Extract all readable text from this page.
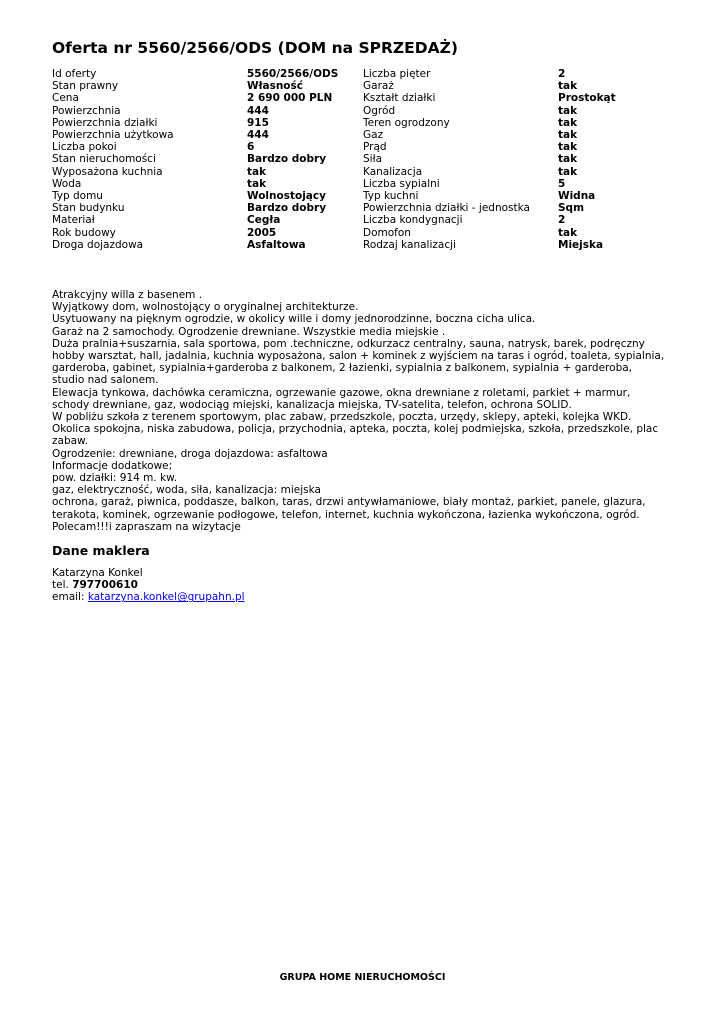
Oferta nr 5560/2566/ODS (DOM na SPRZEDAŻ)
Id oferty	5560/2566/ODS	Liczba pięter	2
Stan prawny	Własność	Garaż	tak
Cena	2 690 000 PLN	Kształt działki	Prostokąt
Powierzchnia	444	Ogród	tak
Powierzchnia działki	915	Teren ogrodzony	tak
Powierzchnia użytkowa	444	Gaz	tak
Liczba pokoi	6	Prąd	tak
Stan nieruchomości	Bardzo dobry	Siła	tak
Wyposażona kuchnia	tak	Kanalizacja	tak
Woda	tak	Liczba sypialni	5
Typ domu	Wolnostojący	Typ kuchni	Widna
Stan budynku	Bardzo dobry	Powierzchnia działki - jednostka	Sqm
Materiał	Cegła	Liczba kondygnacji	2
Rok budowy	2005	Domofon	tak
Droga dojazdowa	Asfaltowa	Rodzaj kanalizacji	Miejska
Atrakcyjny willa z basenem .
Wyjątkowy dom, wolnostojący o oryginalnej architekturze.
Usytuowany na pięknym ogrodzie, w okolicy wille i domy jednorodzinne, boczna cicha ulica.
Garaż na 2 samochody. Ogrodzenie drewniane. Wszystkie media miejskie .
Duża pralnia+suszarnia, sala sportowa, pom .techniczne, odkurzacz centralny, sauna, natrysk, barek, podręczny hobby warsztat, hall, jadalnia, kuchnia wyposażona, salon + kominek z wyjściem na taras i ogród, toaleta, sypialnia, garderoba, gabinet, sypialnia+garderoba z balkonem, 2 łazienki, sypialnia z balkonem, sypialnia + garderoba, studio nad salonem.
Elewacja tynkowa, dachówka ceramiczna, ogrzewanie gazowe, okna drewniane z roletami, parkiet + marmur, schody drewniane, gaz, wodociąg miejski, kanalizacja miejska, TV-satelita, telefon, ochrona SOLID.
W pobliżu szkoła z terenem sportowym, plac zabaw, przedszkole, poczta, urzędy, sklepy, apteki, kolejka WKD.
Okolica spokojna, niska zabudowa, policja, przychodnia, apteka, poczta, kolej podmiejska, szkoła, przedszkole, plac zabaw.
Ogrodzenie: drewniane, droga dojazdowa: asfaltowa
Informacje dodatkowe;
pow. działki: 914 m. kw.
gaz, elektryczność, woda, siła, kanalizacja: miejska
ochrona, garaż, piwnica, poddasze, balkon, taras, drzwi antywłamaniowe, biały montaż, parkiet, panele, glazura, terakota, kominek, ogrzewanie podłogowe, telefon, internet, kuchnia wykończona, łazienka wykończona, ogród.
Polecam!!!i zapraszam na wizytacje
Dane maklera
Katarzyna Konkel
tel. 797700610
email: katarzyna.konkel@grupahn.pl
GRUPA HOME NIERUCHOMOŚCI
